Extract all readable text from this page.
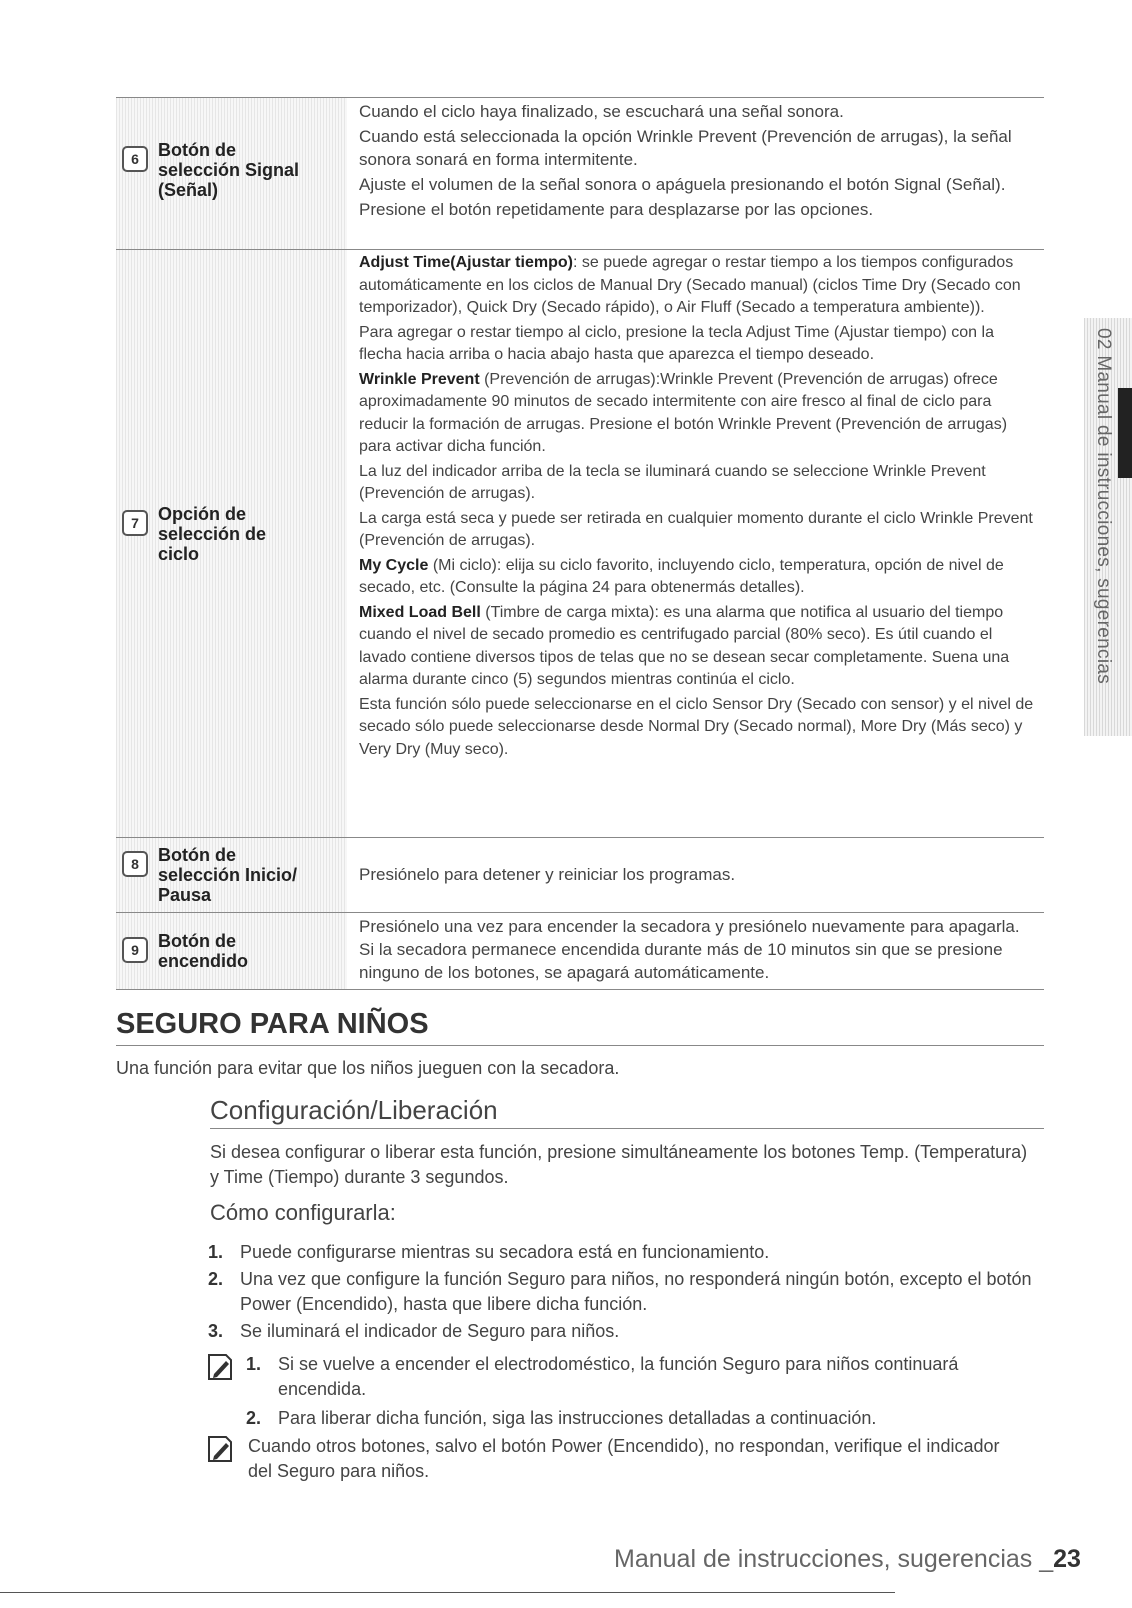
6	Botón de
selección Signal
(Señal)

Cuando el ciclo haya finalizado, se escuchará una señal sonora.

Cuando está seleccionada la opción Wrinkle Prevent (Prevención de arrugas), la señal sonora sonará en forma intermitente.

Ajuste el volumen de la señal sonora o apáguela presionando el botón Signal (Señal).

Presione el botón repetidamente para desplazarse por las opciones.

7	Opción de
selección de
ciclo

Adjust Time(Ajustar tiempo): se puede agregar o restar tiempo a los tiempos configurados automáticamente en los ciclos de Manual Dry (Secado manual) (ciclos Time Dry (Secado con temporizador), Quick Dry (Secado rápido), o Air Fluff (Secado a temperatura ambiente)).

Para agregar o restar tiempo al ciclo, presione la tecla Adjust Time (Ajustar tiempo) con la flecha hacia arriba o hacia abajo hasta que aparezca el tiempo deseado.

Wrinkle Prevent (Prevención de arrugas):Wrinkle Prevent (Prevención de arrugas) ofrece aproximadamente 90 minutos de secado intermitente con aire fresco al final de ciclo para reducir la formación de arrugas. Presione el botón Wrinkle Prevent (Prevención de arrugas) para activar dicha función.

La luz del indicador arriba de la tecla se iluminará cuando se seleccione Wrinkle Prevent (Prevención de arrugas).

La carga está seca y puede ser retirada en cualquier momento durante el ciclo Wrinkle Prevent (Prevención de arrugas).

My Cycle (Mi ciclo): elija su ciclo favorito, incluyendo ciclo, temperatura, opción de nivel de secado, etc. (Consulte la página 24 para obtenermás detalles).

Mixed Load Bell (Timbre de carga mixta): es una alarma que notifica al usuario del tiempo cuando el nivel de secado promedio es centrifugado parcial (80% seco). Es útil cuando el lavado contiene diversos tipos de telas que no se desean secar completamente. Suena una alarma durante cinco (5) segundos mientras continúa el ciclo.

Esta función sólo puede seleccionarse en el ciclo Sensor Dry (Secado con sensor) y el nivel de secado sólo puede seleccionarse desde Normal Dry (Secado normal), More Dry (Más seco) y Very Dry (Muy seco).

8	Botón de
selección Inicio/
Pausa

Presiónelo para detener y reiniciar los programas.

9	Botón de
encendido

Presiónelo una vez para encender la secadora y presiónelo nuevamente para apagarla. Si la secadora permanece encendida durante más de 10 minutos sin que se presione ninguno de los botones, se apagará automáticamente.

02 Manual de instrucciones, sugerencias
SEGURO PARA NIÑOS
Una función para evitar que los niños jueguen con la secadora.
Configuración/Liberación

Si desea configurar o liberar esta función, presione simultáneamente los botones Temp. (Temperatura) y Time (Tiempo) durante 3 segundos.

Cómo configurarla:
1. Puede configurarse mientras su secadora está en funcionamiento.
2. Una vez que configure la función Seguro para niños, no responderá ningún botón, excepto el botón Power (Encendido), hasta que libere dicha función.
3. Se iluminará el indicador de Seguro para niños.
1. Si se vuelve a encender el electrodoméstico, la función Seguro para niños continuará encendida.
2. Para liberar dicha función, siga las instrucciones detalladas a continuación.
Cuando otros botones, salvo el botón Power (Encendido), no respondan, verifique el indicador del Seguro para niños.
Manual de instrucciones, sugerencias _23
